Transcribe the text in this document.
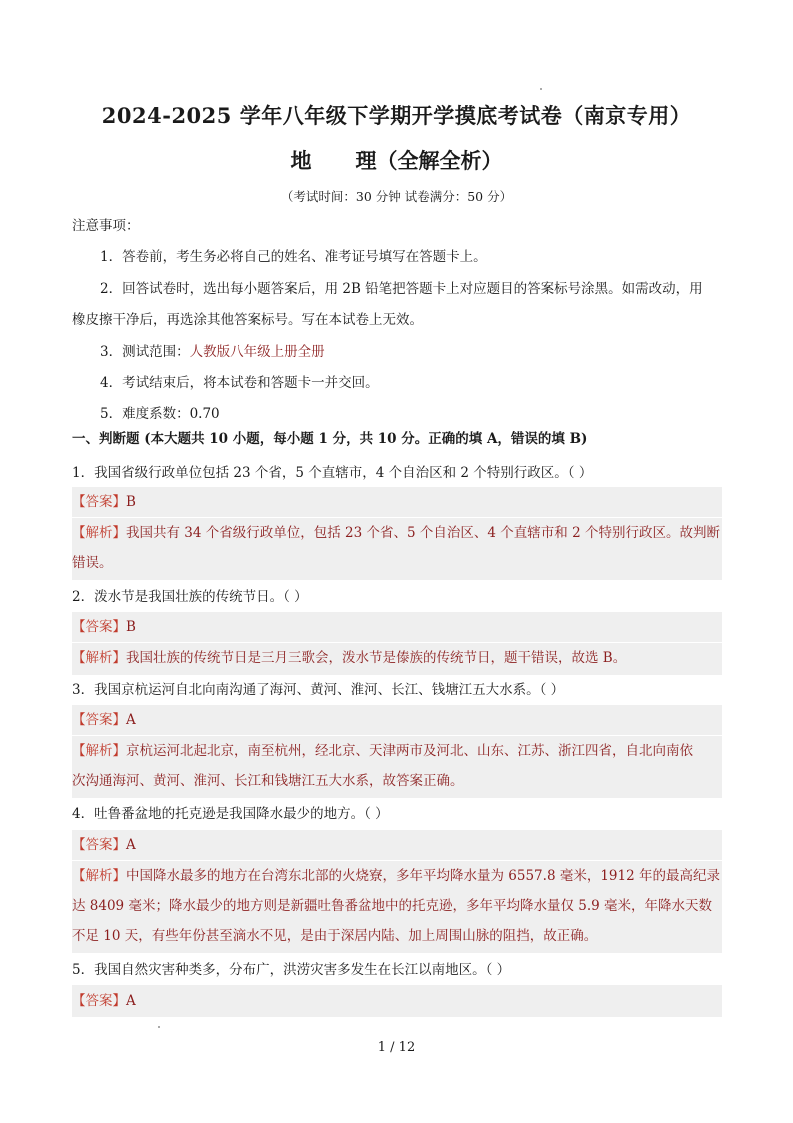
2024-2025 学年八年级下学期开学摸底考试卷（南京专用）
地 理（全解全析）
（考试时间：30 分钟 试卷满分：50 分）
注意事项：
1．答卷前，考生务必将自己的姓名、准考证号填写在答题卡上。
2．回答试卷时，选出每小题答案后，用 2B 铅笔把答题卡上对应题目的答案标号涂黑。如需改动，用
橡皮擦干净后，再选涂其他答案标号。写在本试卷上无效。
3．测试范围：人教版八年级上册全册
4．考试结束后，将本试卷和答题卡一并交回。
5．难度系数：0.70
一、判断题 (本大题共 10 小题，每小题 1 分，共 10 分。正确的填 A，错误的填 B)
1．我国省级行政单位包括 23 个省，5 个直辖市，4 个自治区和 2 个特别行政区。（ ）
【答案】B
【解析】我国共有 34 个省级行政单位，包括 23 个省、5 个自治区、4 个直辖市和 2 个特别行政区。故判断
错误。
2．泼水节是我国壮族的传统节日。（ ）
【答案】B
【解析】我国壮族的传统节日是三月三歌会，泼水节是傣族的传统节日，题干错误，故选 B。
3．我国京杭运河自北向南沟通了海河、黄河、淮河、长江、钱塘江五大水系。（ ）
【答案】A
【解析】京杭运河北起北京，南至杭州，经北京、天津两市及河北、山东、江苏、浙江四省，自北向南依
次沟通海河、黄河、淮河、长江和钱塘江五大水系，故答案正确。
4．吐鲁番盆地的托克逊是我国降水最少的地方。（ ）
【答案】A
【解析】中国降水最多的地方在台湾东北部的火烧寮，多年平均降水量为 6557.8 毫米，1912 年的最高纪录
达 8409 毫米；降水最少的地方则是新疆吐鲁番盆地中的托克逊，多年平均降水量仅 5.9 毫米，年降水天数
不足 10 天，有些年份甚至滴水不见，是由于深居内陆、加上周围山脉的阻挡，故正确。
5．我国自然灾害种类多，分布广，洪涝灾害多发生在长江以南地区。（ ）
【答案】A
1 / 12
